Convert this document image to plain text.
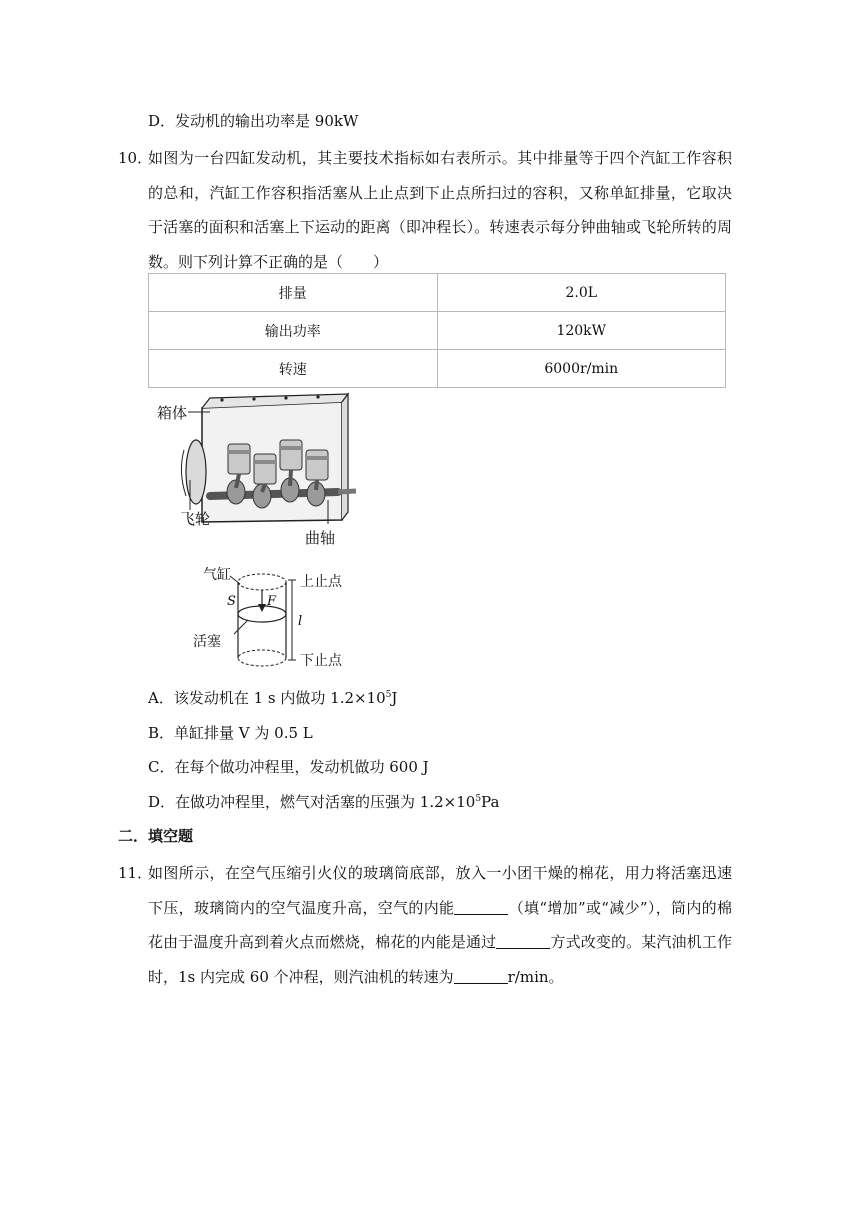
D．发动机的输出功率是 90kW
10．
如图为一台四缸发动机，其主要技术指标如右表所示。其中排量等于四个汽缸工作容积的总和，汽缸工作容积指活塞从上止点到下止点所扫过的容积，又称单缸排量，它取决于活塞的面积和活塞上下运动的距离（即冲程长）。转速表示每分钟曲轴或飞轮所转的周数。则下列计算不正确的是（　　）
排量	2.0L
输出功率	120kW
转速	6000r/min
箱体
飞轮
曲轴
气缸
S F
l
活塞
上止点
下止点
A．该发动机在 1 s 内做功 $1.2\times 10^5J$
B．单缸排量 V 为 0.5 L
C．在每个做功冲程里，发动机做功 600 J
D．在做功冲程里，燃气对活塞的压强为 $1.2\times 10^5Pa$
二．填空题
11．
如图所示，在空气压缩引火仪的玻璃筒底部，放入一小团干燥的棉花，用力将活塞迅速下压，玻璃筒内的空气温度升高，空气的内能	（填“增加”或“减少”），筒内的棉花由于温度升高到着火点而燃烧，棉花的内能是通过	方式改变的。某汽油机工作时，1s 内完成 60 个冲程，则汽油机的转速为	r/min。
